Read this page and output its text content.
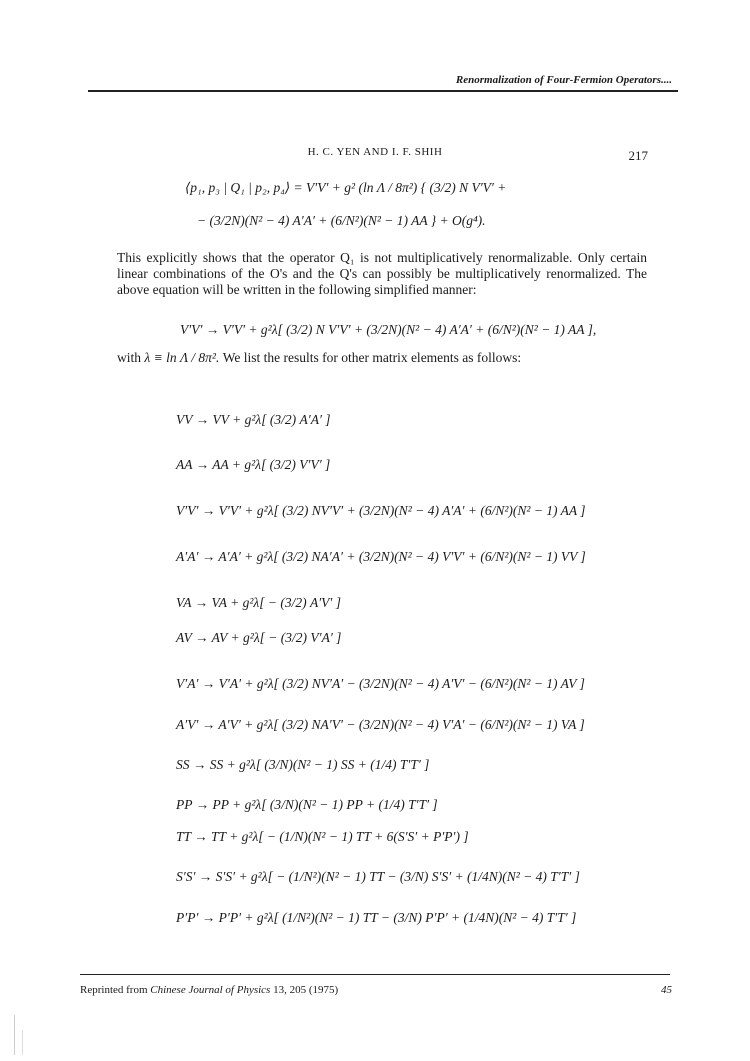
Renormalization of Four-Fermion Operators....
H. C. YEN AND I. F. SHIH	217
⟨p₁, p₃ | Q₁ | p₂, p₄⟩ = V′V′ + g² (ln Λ / 8π²) { (3/2) N V′V′ +
− (3/2N)(N² − 4) A′A′ + (6/N²)(N² − 1) AA } + O(g⁴).
This explicitly shows that the operator Q₁ is not multiplicatively renormalizable. Only certain linear combinations of the O's and the Q's can possibly be multiplicatively renormalized. The above equation will be written in the following simplified manner:
V′V′ → V′V′ + g²λ[ (3/2) N V′V′ + (3/2N)(N² − 4) A′A′ + (6/N²)(N² − 1) AA ],
with λ ≡ ln Λ / 8π². We list the results for other matrix elements as follows:
VV → VV + g²λ[ (3/2) A′A′ ]
AA → AA + g²λ[ (3/2) V′V′ ]
V′V′ → V′V′ + g²λ[ (3/2) NV′V′ + (3/2N)(N² − 4) A′A′ + (6/N²)(N² − 1) AA ]
A′A′ → A′A′ + g²λ[ (3/2) NA′A′ + (3/2N)(N² − 4) V′V′ + (6/N²)(N² − 1) VV ]
VA → VA + g²λ[ − (3/2) A′V′ ]
AV → AV + g²λ[ − (3/2) V′A′ ]
V′A′ → V′A′ + g²λ[ (3/2) NV′A′ − (3/2N)(N² − 4) A′V′ − (6/N²)(N² − 1) AV ]
A′V′ → A′V′ + g²λ[ (3/2) NA′V′ − (3/2N)(N² − 4) V′A′ − (6/N²)(N² − 1) VA ]
SS → SS + g²λ[ (3/N)(N² − 1) SS + (1/4) T′T′ ]
PP → PP + g²λ[ (3/N)(N² − 1) PP + (1/4) T′T′ ]
TT → TT + g²λ[ − (1/N)(N² − 1) TT + 6(S′S′ + P′P′) ]
S′S′ → S′S′ + g²λ[ − (1/N²)(N² − 1) TT − (3/N) S′S′ + (1/4N)(N² − 4) T′T′ ]
P′P′ → P′P′ + g²λ[ (1/N²)(N² − 1) TT − (3/N) P′P′ + (1/4N)(N² − 4) T′T′ ]
Reprinted from Chinese Journal of Physics 13, 205 (1975)	45
